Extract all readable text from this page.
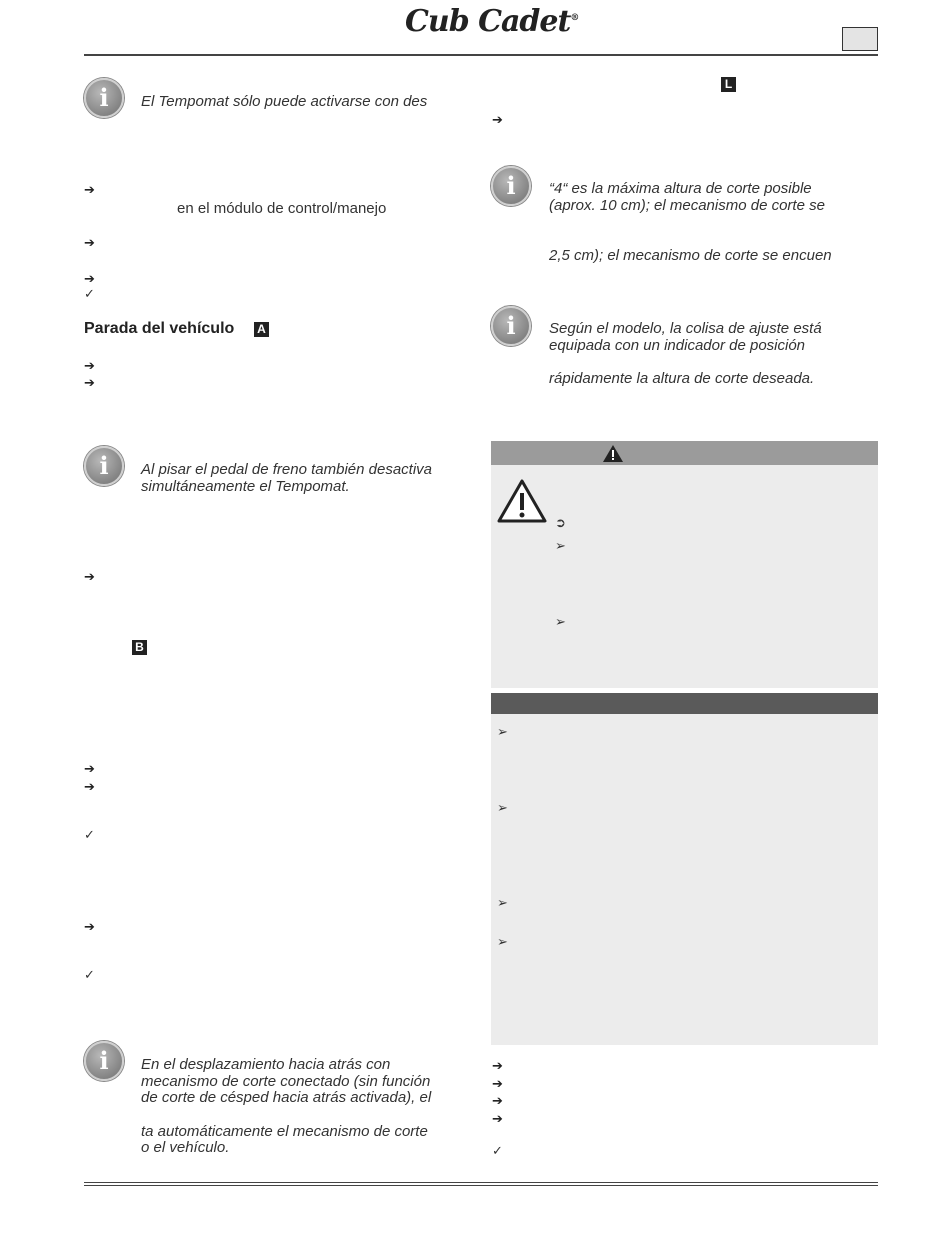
Cub Cadet®
i	El Tempomat sólo puede activarse con des
➔
en el módulo de control/manejo
➔
➔
✓
Parada del vehículo A
➔
➔
i	Al pisar el pedal de freno también desactiva
simultáneamente el Tempomat.
➔
B
➔
➔
✓
➔
✓
i	En el desplazamiento hacia atrás con
mecanismo de corte conectado (sin función
de corte de césped hacia atrás activada), el
ta automáticamente el mecanismo de corte
o el vehículo.
L
➔
i	“4“ es la máxima altura de corte posible
(aprox. 10 cm); el mecanismo de corte se
2,5 cm); el mecanismo de corte se encuen
i	Según el modelo, la colisa de ajuste está
equipada con un indicador de posición
rápidamente la altura de corte deseada.
➲
➢
➢
➢
➢
➢
➢
➔
➔
➔
➔
✓
